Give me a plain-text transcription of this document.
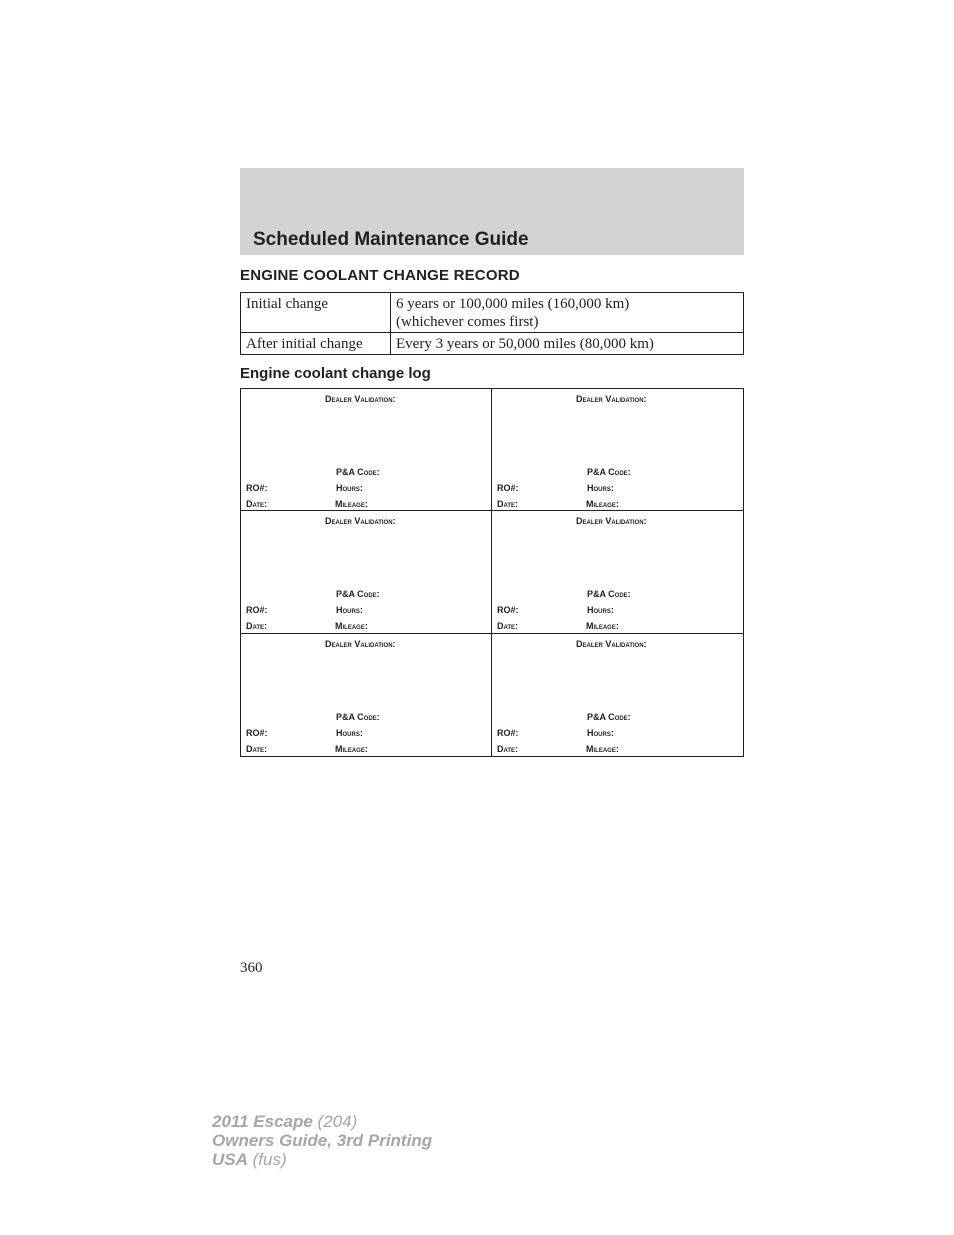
Scheduled Maintenance Guide
ENGINE COOLANT CHANGE RECORD
Initial change	6 years or 100,000 miles (160,000 km)
(whichever comes first)
After initial change	Every 3 years or 50,000 miles (80,000 km)
Engine coolant change log
Dealer Validation:
P&A Code:
RO#:	Hours:
Date:	Mileage:
Dealer Validation:
P&A Code:
RO#:	Hours:
Date:	Mileage:
Dealer Validation:
P&A Code:
RO#:	Hours:
Date:	Mileage:
Dealer Validation:
P&A Code:
RO#:	Hours:
Date:	Mileage:
Dealer Validation:
P&A Code:
RO#:	Hours:
Date:	Mileage:
Dealer Validation:
P&A Code:
RO#:	Hours:
Date:	Mileage:
360
2011 Escape (204)
Owners Guide, 3rd Printing
USA (fus)
